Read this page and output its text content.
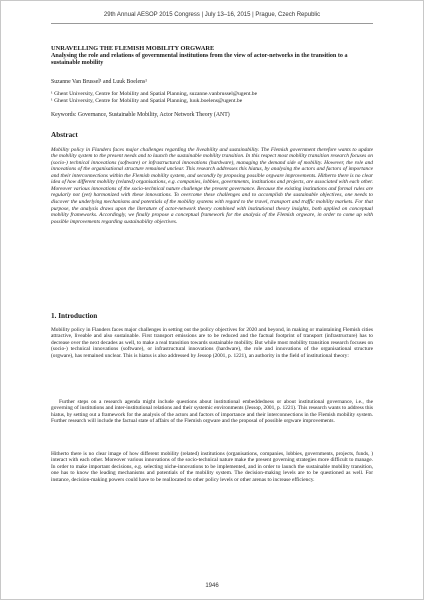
29th Annual AESOP 2015 Congress | July 13–16, 2015 | Prague, Czech Republic
UNRAVELLING THE FLEMISH MOBILITY ORGWARE
Analysing the role and relations of governmental institutions from the view of actor-networks in the transition to a sustainable mobility
Suzanne Van Brussel¹ and Luuk Boelens¹
¹ Ghent University, Centre for Mobility and Spatial Planning, suzanne.vanbrussel@ugent.be
¹ Ghent University, Centre for Mobility and Spatial Planning, luuk.boelens@ugent.be
Keywords: Governance, Sustainable Mobility, Actor Network Theory (ANT)
Abstract
Mobility policy in Flanders faces major challenges regarding the liveability and sustainability. The Flemish government therefore wants to update the mobility system to the present needs and to launch the sustainable mobility transition. In this respect most mobility transition research focuses on (socio-) technical innovations (software) or infrastructural innovations (hardware), managing the demand side of mobility. However, the role and innovations of the organisational structure remained unclear. This research addresses this hiatus, by analysing the actors and factors of importance and their interconnections within the Flemish mobility system, and secondly by proposing possible orgware improvements. Hitherto there is no clear idea of how different mobility (related) organisations, e.g. companies, lobbies, governments, institutions and projects, are associated with each other. Moreover various innovations of the socio-technical nature challenge the present governance. Because the existing institutions and formal rules are regularly not (yet) harmonized with these innovations. To overcome these challenges and to accomplish the sustainable objectives, one needs to discover the underlying mechanisms and potentials of the mobility systems with regard to the travel, transport and traffic mobility markets. For that purpose, the analysis draws upon the literature of actor-network theory combined with institutional theory insights, both applied on conceptual mobility frameworks. Accordingly, we finally propose a conceptual framework for the analysis of the Flemish orgware, in order to come up with possible improvements regarding sustainability objectives.
1. Introduction
Mobility policy in Flanders faces major challenges in setting out the policy objectives for 2020 and beyond, in making or maintaining Flemish cities attractive, liveable and also sustainable. First transport emissions are to be reduced and the factual footprint of transport (infrastructure) has to decrease over the next decades as well, to make a real transition towards sustainable mobility. But while most mobility transition research focuses on (socio-) technical innovations (software), or infrastructural innovations (hardware), the role and innovations of the organisational structure (orgware), has remained unclear. This is hiatus is also addressed by Jessop (2001, p. 1221), an authority in the field of institutional theory:
Further steps on a research agenda might include questions about institutional embeddedness or about institutional governance, i.e., the governing of institutions and inter-institutional relations and their systemic environments (Jessop, 2001, p. 1221). This research wants to address this hiatus, by setting out a framework for the analysis of the actors and factors of importance and their interconnections in the Flemish mobility system. Further research will include the factual state of affairs of the Flemish orgware and the proposal of possible orgware improvements.
Hitherto there is no clear image of how different mobility (related) institutions (organisations, companies, lobbies, governments, projects, funds, ) interact with each other. Moreover various innovations of the socio-technical nature make the present governing strategies more difficult to manage. In order to make important decisions, e.g. selecting niche-innovations to be implemented, and in order to launch the sustainable mobility transition, one has to know the leading mechanisms and potentials of the mobility system. The decision-making levels are to be questioned as well. For instance, decision-making powers could have to be reallocated to other policy levels or other arenas to increase efficiency.
1946
